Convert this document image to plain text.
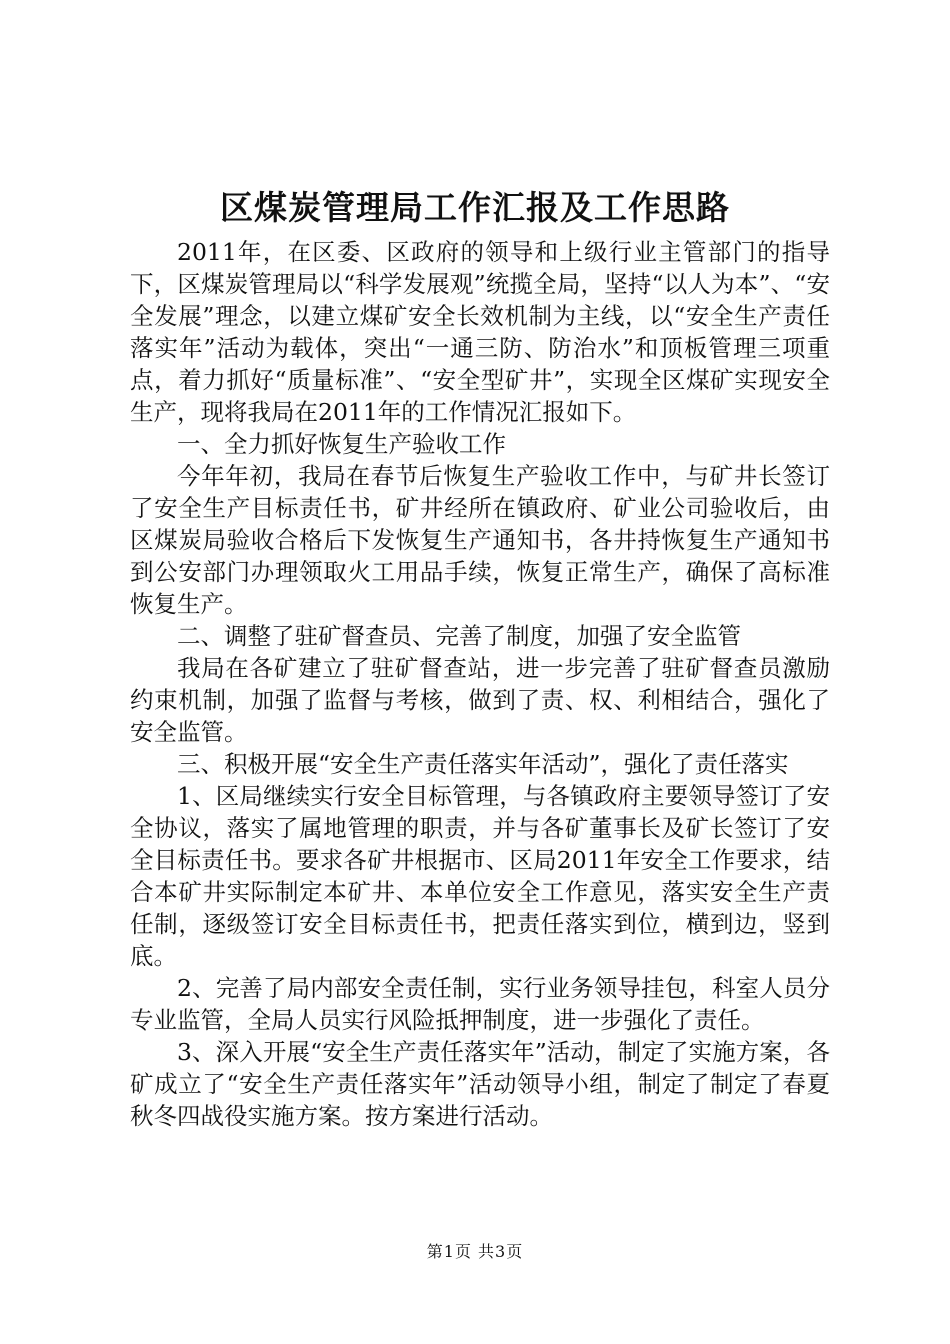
区煤炭管理局工作汇报及工作思路

2011年，在区委、区政府的领导和上级行业主管部门的指导下，区煤炭管理局以“科学发展观”统揽全局，坚持“以人为本”、“安全发展”理念，以建立煤矿安全长效机制为主线，以“安全生产责任落实年”活动为载体，突出“一通三防、防治水”和顶板管理三项重点，着力抓好“质量标准”、“安全型矿井”，实现全区煤矿实现安全生产，现将我局在2011年的工作情况汇报如下。

一、全力抓好恢复生产验收工作

今年年初，我局在春节后恢复生产验收工作中，与矿井长签订了安全生产目标责任书，矿井经所在镇政府、矿业公司验收后，由区煤炭局验收合格后下发恢复生产通知书，各井持恢复生产通知书到公安部门办理领取火工用品手续，恢复正常生产，确保了高标准恢复生产。

二、调整了驻矿督查员、完善了制度，加强了安全监管

我局在各矿建立了驻矿督查站，进一步完善了驻矿督查员激励约束机制，加强了监督与考核，做到了责、权、利相结合，强化了安全监管。

三、积极开展“安全生产责任落实年活动”，强化了责任落实

1、区局继续实行安全目标管理，与各镇政府主要领导签订了安全协议，落实了属地管理的职责，并与各矿董事长及矿长签订了安全目标责任书。要求各矿井根据市、区局2011年安全工作要求，结合本矿井实际制定本矿井、本单位安全工作意见，落实安全生产责任制，逐级签订安全目标责任书，把责任落实到位，横到边，竖到底。

2、完善了局内部安全责任制，实行业务领导挂包，科室人员分专业监管，全局人员实行风险抵押制度，进一步强化了责任。

3、深入开展“安全生产责任落实年”活动，制定了实施方案，各矿成立了“安全生产责任落实年”活动领导小组，制定了制定了春夏秋冬四战役实施方案。按方案进行活动。

第1页 共3页
